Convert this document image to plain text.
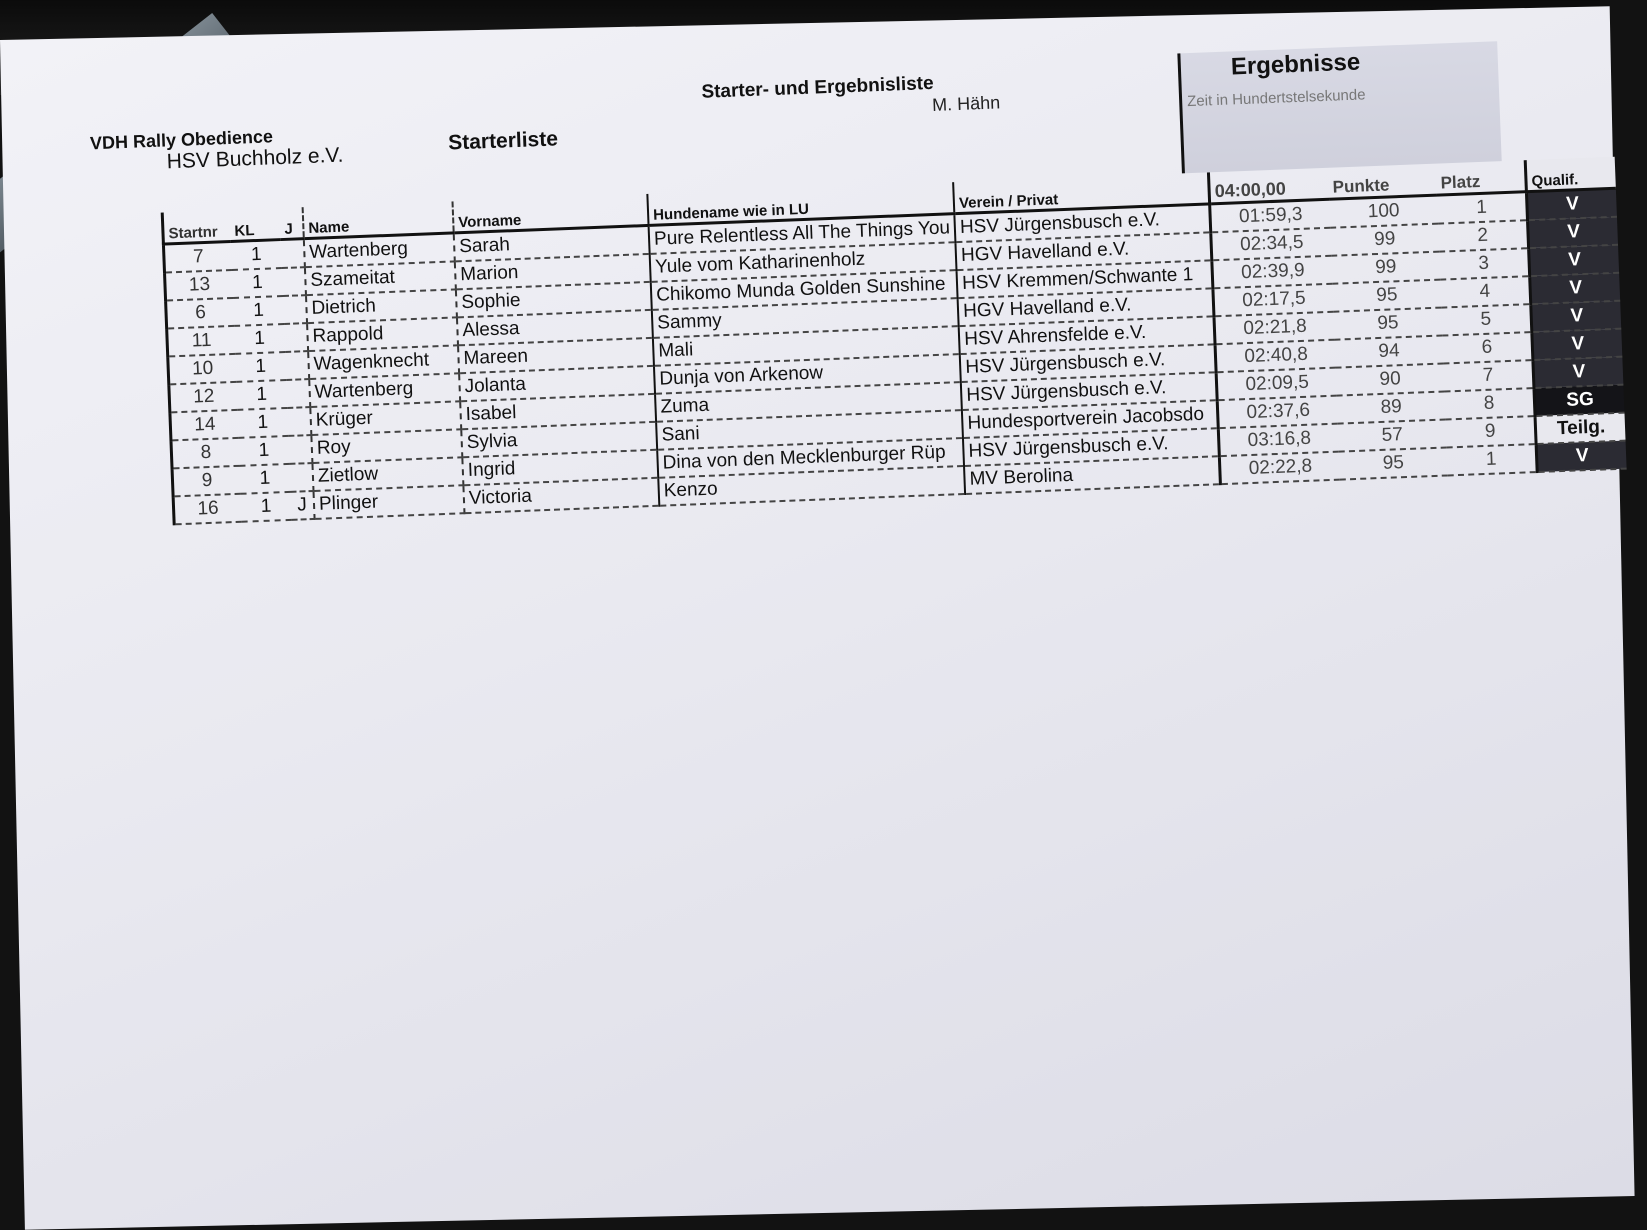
VDH Rally Obedience
HSV Buchholz e.V.
Starterliste
Starter- und Ergebnisliste
M. Hähn
Ergebnisse
Zeit in Hundertstelsekunde
Startnr	KL	J	Name	Vorname	Hundename wie in LU	Verein / Privat	04:00,00	Punkte	Platz	Qualif.
7	1		Wartenberg	Sarah	Pure Relentless All The Things You	HSV Jürgensbusch e.V.	01:59,3	100	1	V
13	1		Szameitat	Marion	Yule vom Katharinenholz	HGV Havelland e.V.	02:34,5	99	2	V
6	1		Dietrich	Sophie	Chikomo Munda Golden Sunshine	HSV Kremmen/Schwante 1	02:39,9	99	3	V
11	1		Rappold	Alessa	Sammy	HGV Havelland e.V.	02:17,5	95	4	V
10	1		Wagenknecht	Mareen	Mali	HSV Ahrensfelde e.V.	02:21,8	95	5	V
12	1		Wartenberg	Jolanta	Dunja von Arkenow	HSV Jürgensbusch e.V.	02:40,8	94	6	V
14	1		Krüger	Isabel	Zuma	HSV Jürgensbusch e.V.	02:09,5	90	7	V
8	1		Roy	Sylvia	Sani	Hundesportverein Jacobsdo	02:37,6	89	8	SG
9	1		Zietlow	Ingrid	Dina von den Mecklenburger Rüp	HSV Jürgensbusch e.V.	03:16,8	57	9	Teilg.
16	1	J	Plinger	Victoria	Kenzo	MV Berolina	02:22,8	95	1	V
